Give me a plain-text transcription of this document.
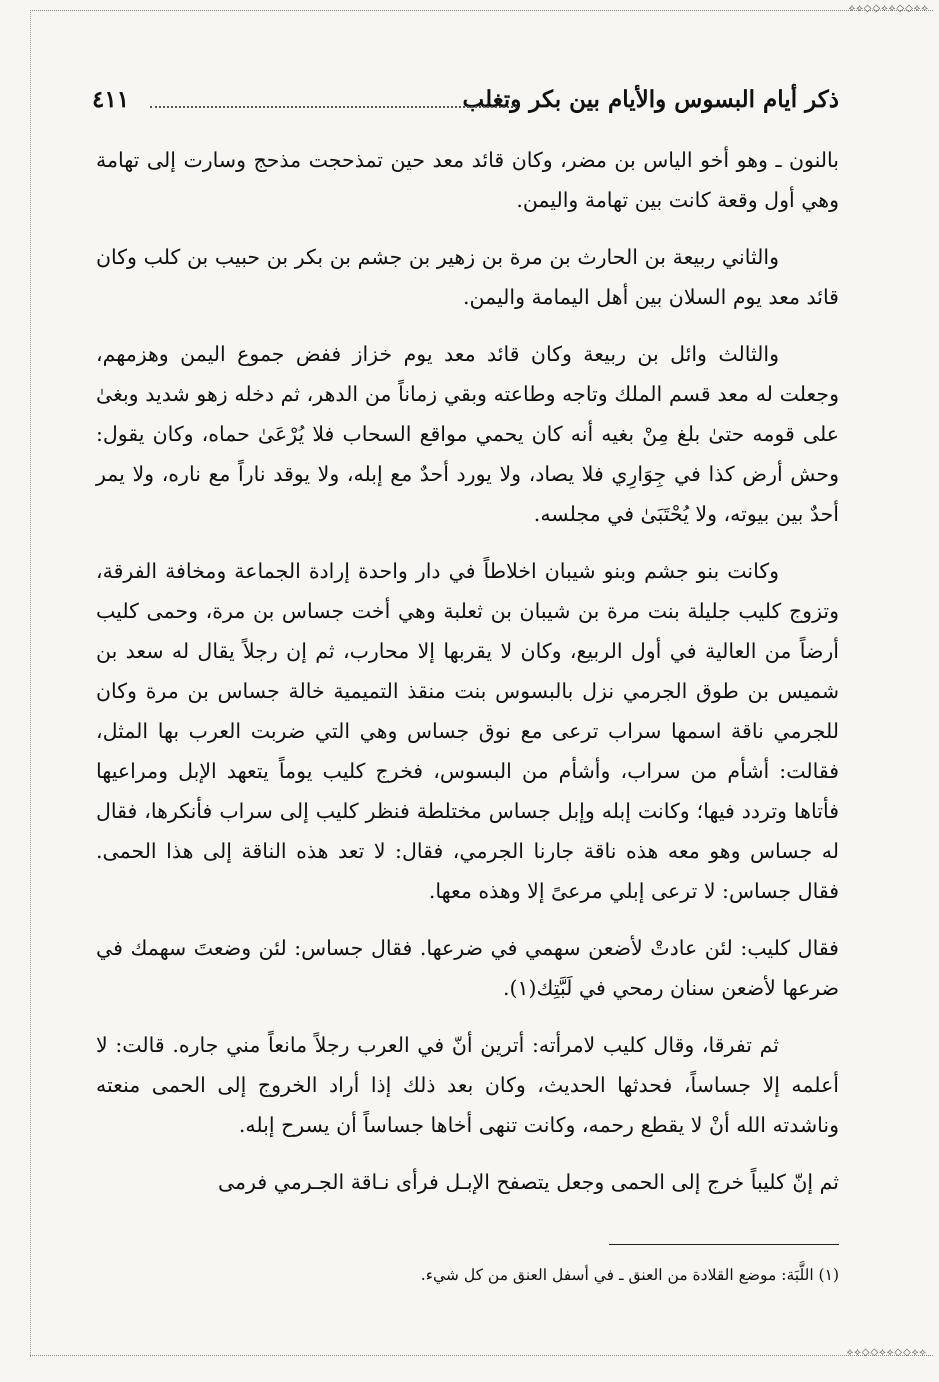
⟡⟡◇◇⟡⟡◇◇⟡⟡
ذكر أيام البسوس والأيام بين بكر وتغلب
٤١١

بالنون ـ وهو أخو الياس بن مضر، وكان قائد معد حين تمذحجت مذحج وسارت إلى تهامة وهي أول وقعة كانت بين تهامة واليمن.

والثاني ربيعة بن الحارث بن مرة بن زهير بن جشم بن بكر بن حبيب بن كلب وكان قائد معد يوم السلان بين أهل اليمامة واليمن.

والثالث وائل بن ربيعة وكان قائد معد يوم خزاز ففض جموع اليمن وهزمهم، وجعلت له معد قسم الملك وتاجه وطاعته وبقي زماناً من الدهر، ثم دخله زهو شديد وبغىٰ على قومه حتىٰ بلغ مِنْ بغيه أنه كان يحمي مواقع السحاب فلا يُرْعَىٰ حماه، وكان يقول: وحش أرض كذا في جِوَارِي فلا يصاد، ولا يورد أحدٌ مع إبله، ولا يوقد ناراً مع ناره، ولا يمر أحدٌ بين بيوته، ولا يُحْتَبَىٰ في مجلسه.

وكانت بنو جشم وبنو شيبان اخلاطاً في دار واحدة إرادة الجماعة ومخافة الفرقة، وتزوج كليب جليلة بنت مرة بن شيبان بن ثعلبة وهي أخت جساس بن مرة، وحمى كليب أرضاً من العالية في أول الربيع، وكان لا يقربها إلا محارب، ثم إن رجلاً يقال له سعد بن شميس بن طوق الجرمي نزل بالبسوس بنت منقذ التميمية خالة جساس بن مرة وكان للجرمي ناقة اسمها سراب ترعى مع نوق جساس وهي التي ضربت العرب بها المثل، فقالت: أشأم من سراب، وأشأم من البسوس، فخرج كليب يوماً يتعهد الإبل ومراعيها فأتاها وتردد فيها؛ وكانت إبله وإبل جساس مختلطة فنظر كليب إلى سراب فأنكرها، فقال له جساس وهو معه هذه ناقة جارنا الجرمي، فقال: لا تعد هذه الناقة إلى هذا الحمى. فقال جساس: لا ترعى إبلي مرعىً إلا وهذه معها.

فقال كليب: لئن عادتْ لأضعن سهمي في ضرعها. فقال جساس: لئن وضعتَ سهمك في ضرعها لأضعن سنان رمحي في لَبَّتِك(١).

ثم تفرقا، وقال كليب لامرأته: أترين أنّ في العرب رجلاً مانعاً مني جاره. قالت: لا أعلمه إلا جساساً، فحدثها الحديث، وكان بعد ذلك إذا أراد الخروج إلى الحمى منعته وناشدته الله أنْ لا يقطع رحمه، وكانت تنهى أخاها جساساً أن يسرح إبله.

ثم إنّ كليباً خرج إلى الحمى وجعل يتصفح الإبـل فرأى نـاقة الجـرمي فرمى

(١) اللَّبَة: موضع القلادة من العنق ـ في أسفل العنق من كل شيء.
⟡⟡◇◇⟡⟡◇◇⟡⟡
